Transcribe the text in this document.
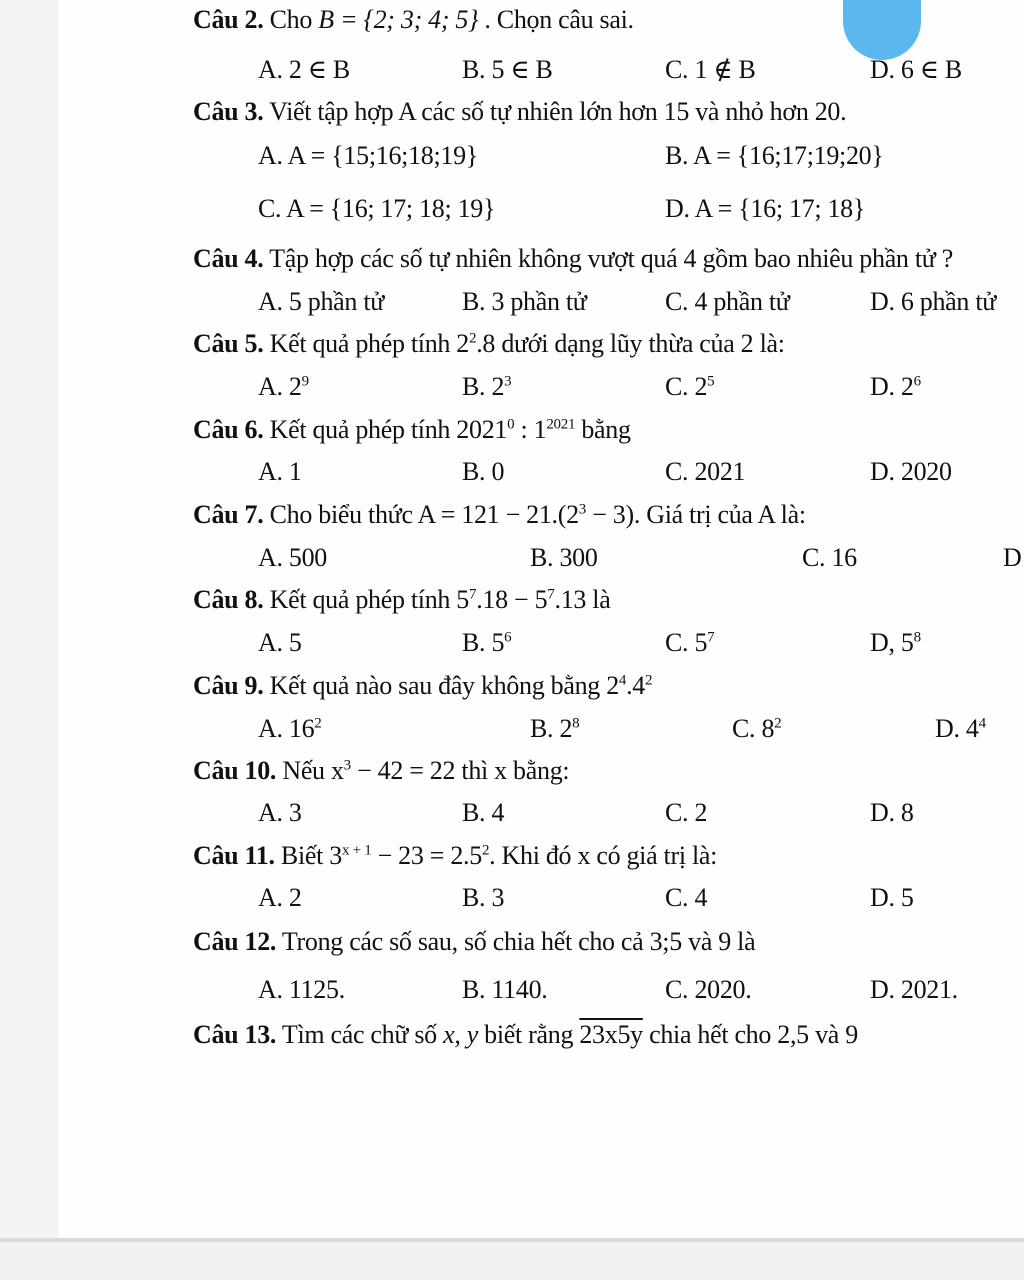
Câu 2. Cho B = {2; 3; 4; 5} . Chọn câu sai.
A. 2 ∈ B	B. 5 ∈ B	C. 1 ∉ B	D. 6 ∈ B
Câu 3. Viết tập hợp A các số tự nhiên lớn hơn 15 và nhỏ hơn 20.
A. A = {15;16;18;19}	B. A = {16;17;19;20}
C. A = {16; 17; 18; 19}	D. A = {16; 17; 18}
Câu 4. Tập hợp các số tự nhiên không vượt quá 4 gồm bao nhiêu phần tử ?
A. 5 phần tử	B. 3 phần tử	C. 4 phần tử	D. 6 phần tử
Câu 5. Kết quả phép tính $2^2.8$ dưới dạng lũy thừa của 2 là:
A. $2^9$	B. $2^3$	C. $2^5$	D. $2^6$
Câu 6. Kết quả phép tính 2021$^0$ : $1^{2021}$ bằng
A. 1	B. 0	C. 2021	D. 2020
Câu 7. Cho biểu thức $A = 121 - 21.(2^3 - 3)$. Giá trị của A là:
A. 500	B. 300	C. 16	D
Câu 8. Kết quả phép tính $5^7.18 - 5^7.13$ là
A. 5	B. $5^6$	C. $5^7$	D, $5^8$
Câu 9. Kết quả nào sau đây không bằng $2^4.4^2$
A. $16^2$	B. $2^8$	C. $8^2$	D. $4^4$
Câu 10. Nếu $x^3 - 42 = 22$ thì x bằng:
A. 3	B. 4	C. 2	D. 8
Câu 11. Biết $3^{x + 1} - 23 = 2.5^2$. Khi đó x có giá trị là:
A. 2	B. 3	C. 4	D. 5
Câu 12. Trong các số sau, số chia hết cho cả 3;5 và 9 là
A. 1125.	B. 1140.	C. 2020.	D. 2021.
Câu 13. Tìm các chữ số x, y biết rằng 23x5y chia hết cho 2,5 và 9
